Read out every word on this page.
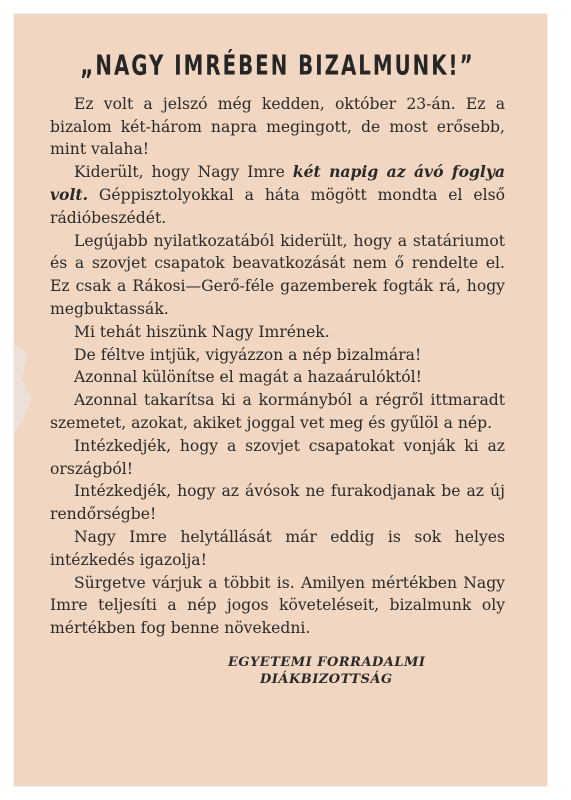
„NAGY IMRÉBEN BIZALMUNK!”

Ez volt a jelszó még kedden, október 23-án. Ez a bizalom két-három napra megingott, de most erősebb, mint valaha!

Kiderült, hogy Nagy Imre két napig az ávó foglya volt. Géppisztolyokkal a háta mögött mondta el első rádióbeszédét.

Legújabb nyilatkozatából kiderült, hogy a statáriumot és a szovjet csapatok beavatkozását nem ő rendelte el. Ez csak a Rákosi—Gerő-féle gazemberek fogták rá, hogy megbuktassák.

Mi tehát hiszünk Nagy Imrének.

De féltve intjük, vigyázzon a nép bizalmára!

Azonnal különítse el magát a hazaárulóktól!

Azonnal takarítsa ki a kormányból a régről ittmaradt szemetet, azokat, akiket joggal vet meg és gyűlöl a nép.

Intézkedjék, hogy a szovjet csapatokat vonják ki az országból!

Intézkedjék, hogy az ávósok ne furakodjanak be az új rendőrségbe!

Nagy Imre helytállását már eddig is sok helyes intézkedés igazolja!

Sürgetve várjuk a többit is. Amilyen mértékben Nagy Imre teljesíti a nép jogos követeléseit, bizalmunk oly mértékben fog benne növekedni.

EGYETEMI FORRADALMI
DIÁKBIZOTTSÁG
